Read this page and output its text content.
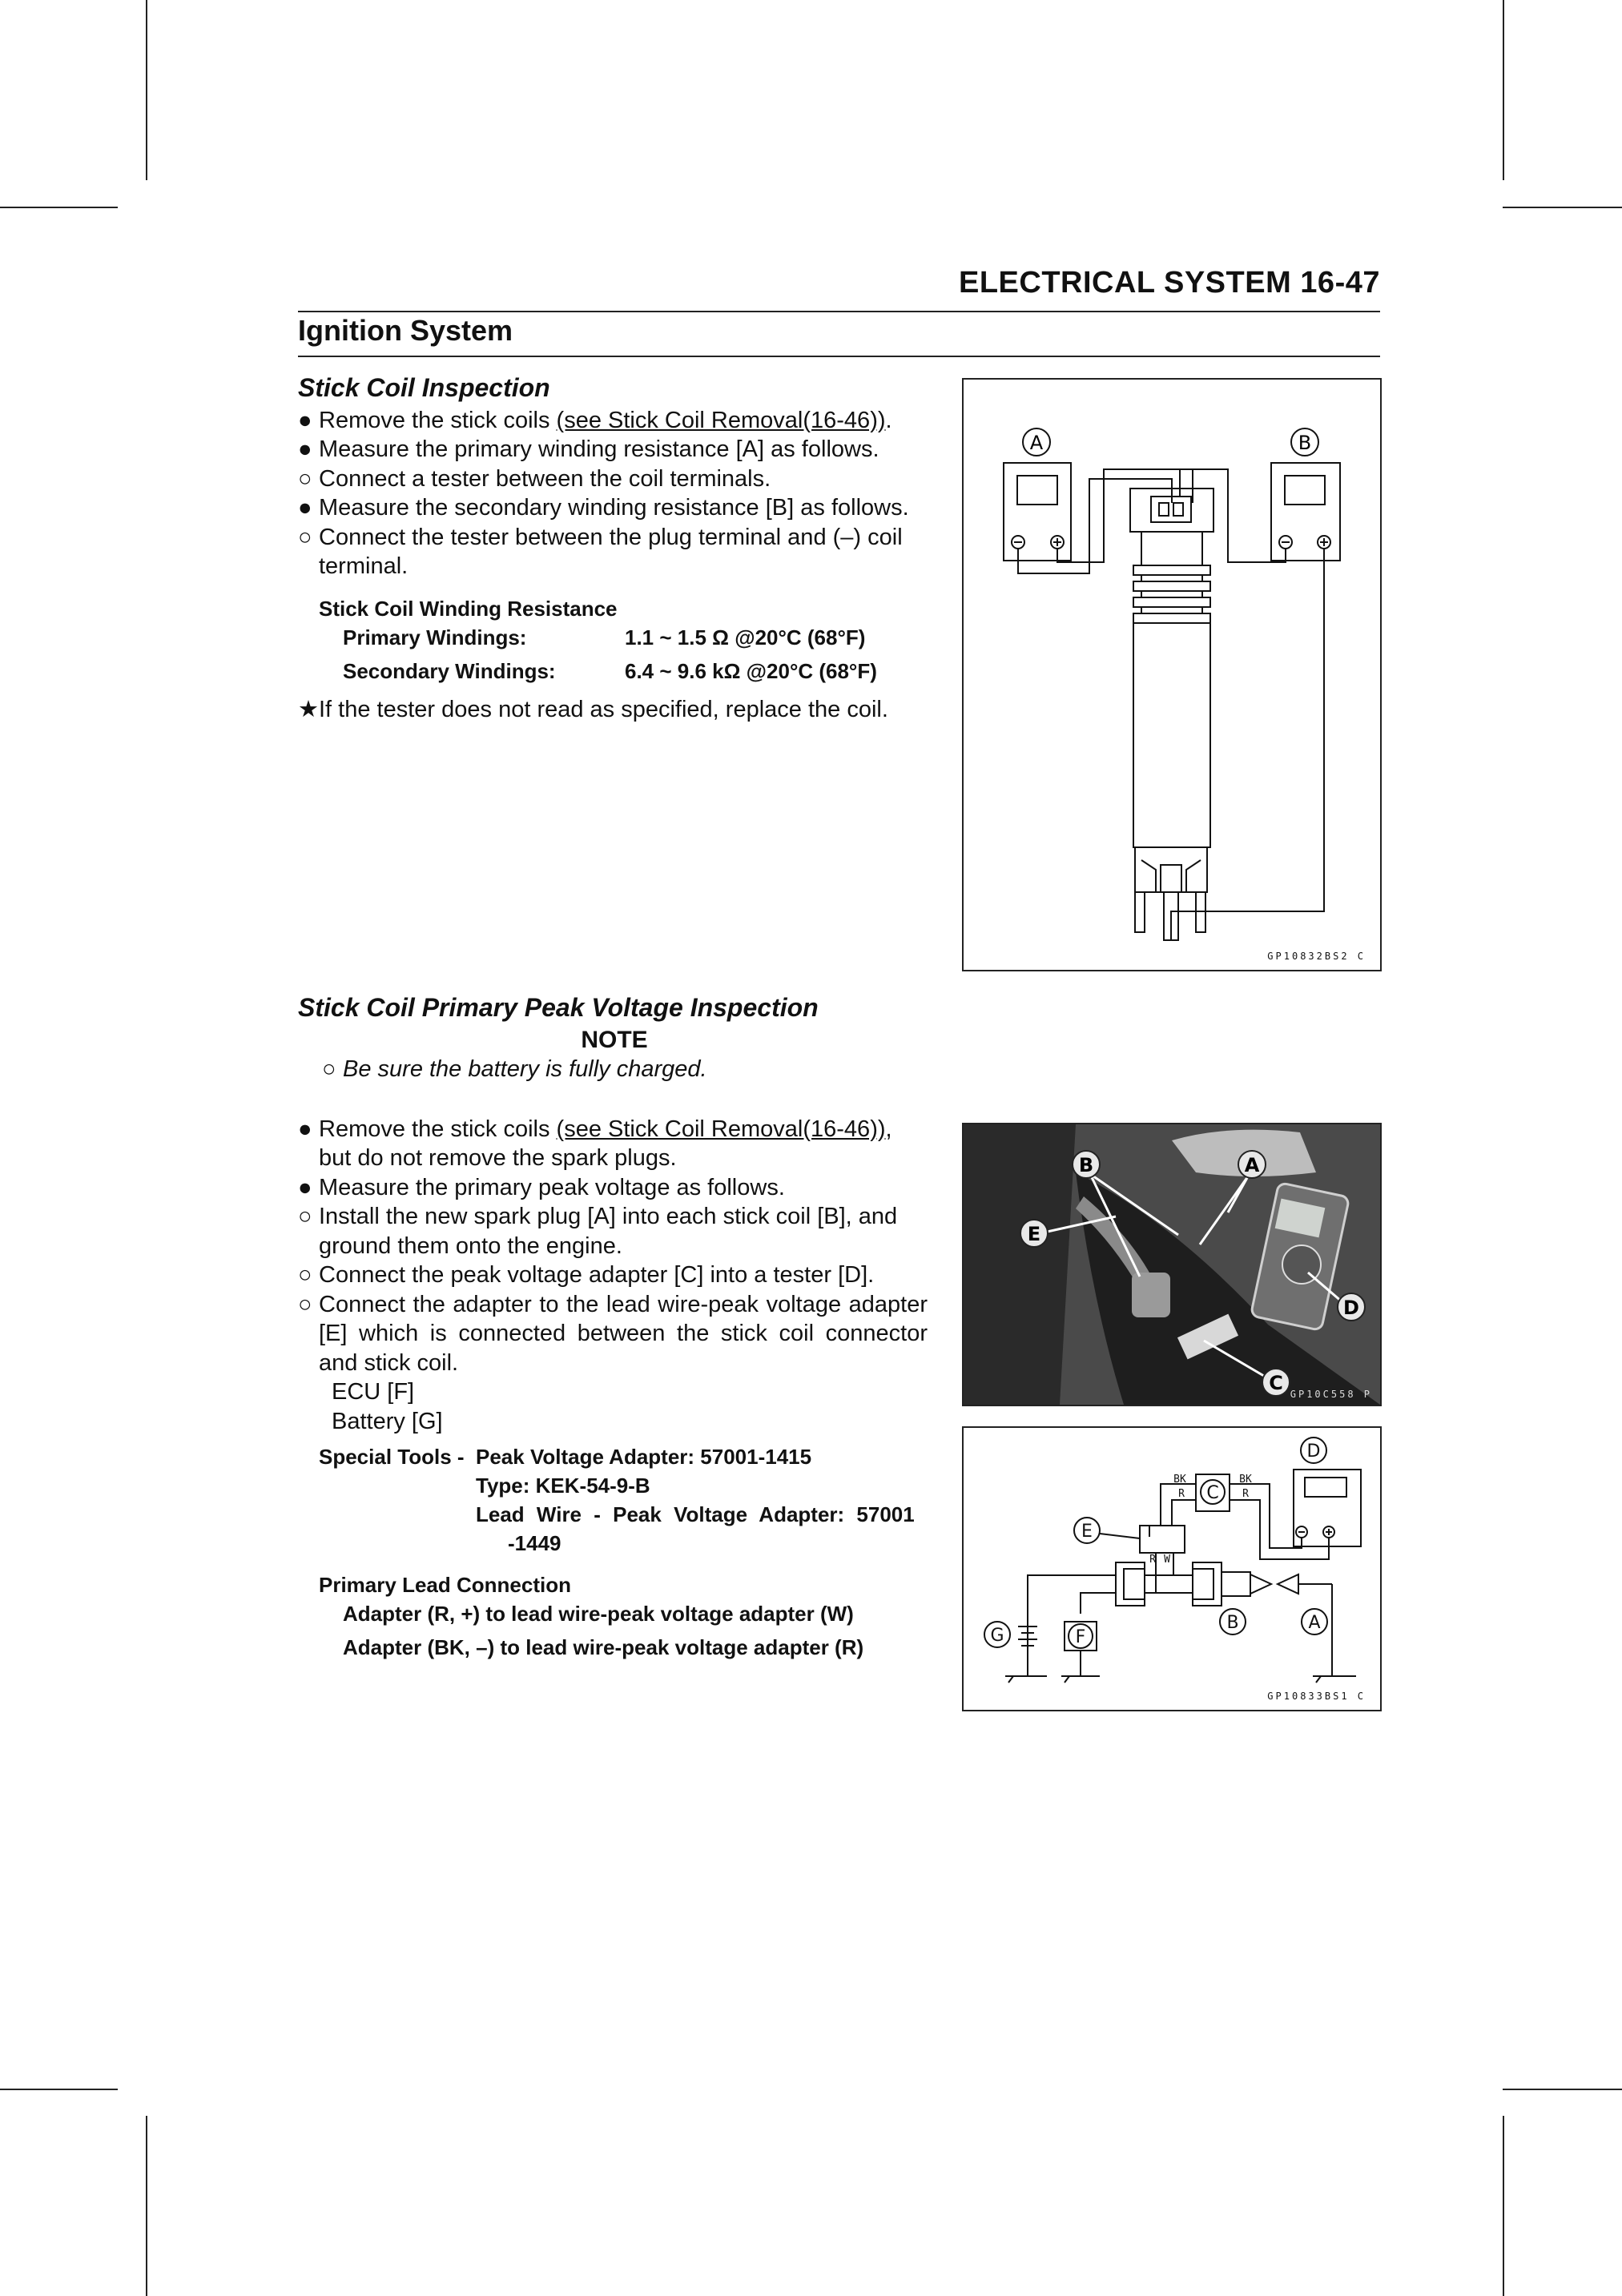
ELECTRICAL SYSTEM 16-47
Ignition System
Stick Coil Inspection
● Remove the stick coils (see Stick Coil Removal(16-46)).
● Measure the primary winding resistance [A] as follows.
○ Connect a tester between the coil terminals.
● Measure the secondary winding resistance [B] as follows.
○ Connect the tester between the plug terminal and (–) coil terminal.
Stick Coil Winding Resistance
Primary Windings:	1.1 ~ 1.5 Ω @20°C (68°F)
Secondary Windings:	6.4 ~ 9.6 kΩ @20°C (68°F)
★ If the tester does not read as specified, replace the coil.
A	B
GP10832BS2 C
Stick Coil Primary Peak Voltage Inspection
NOTE
○ Be sure the battery is fully charged.
● Remove the stick coils (see Stick Coil Removal(16-46)), but do not remove the spark plugs.
● Measure the primary peak voltage as follows.
○ Install the new spark plug [A] into each stick coil [B], and ground them onto the engine.
○ Connect the peak voltage adapter [C] into a tester [D].
○ Connect the adapter to the lead wire-peak voltage adapter [E] which is connected between the stick coil connector and stick coil.
ECU [F]
Battery [G]
Special Tools - Peak Voltage Adapter: 57001-1415
Type: KEK-54-9-B
Lead Wire - Peak Voltage Adapter: 57001
-1449
Primary Lead Connection
Adapter (R, +) to lead wire-peak voltage adapter (W)
Adapter (BK, –) to lead wire-peak voltage adapter (R)
B	A
E
D
C GP10C558 P
D
C
E
G	F
B	A
BK
R
BK
R
R W
GP10833BS1 C
